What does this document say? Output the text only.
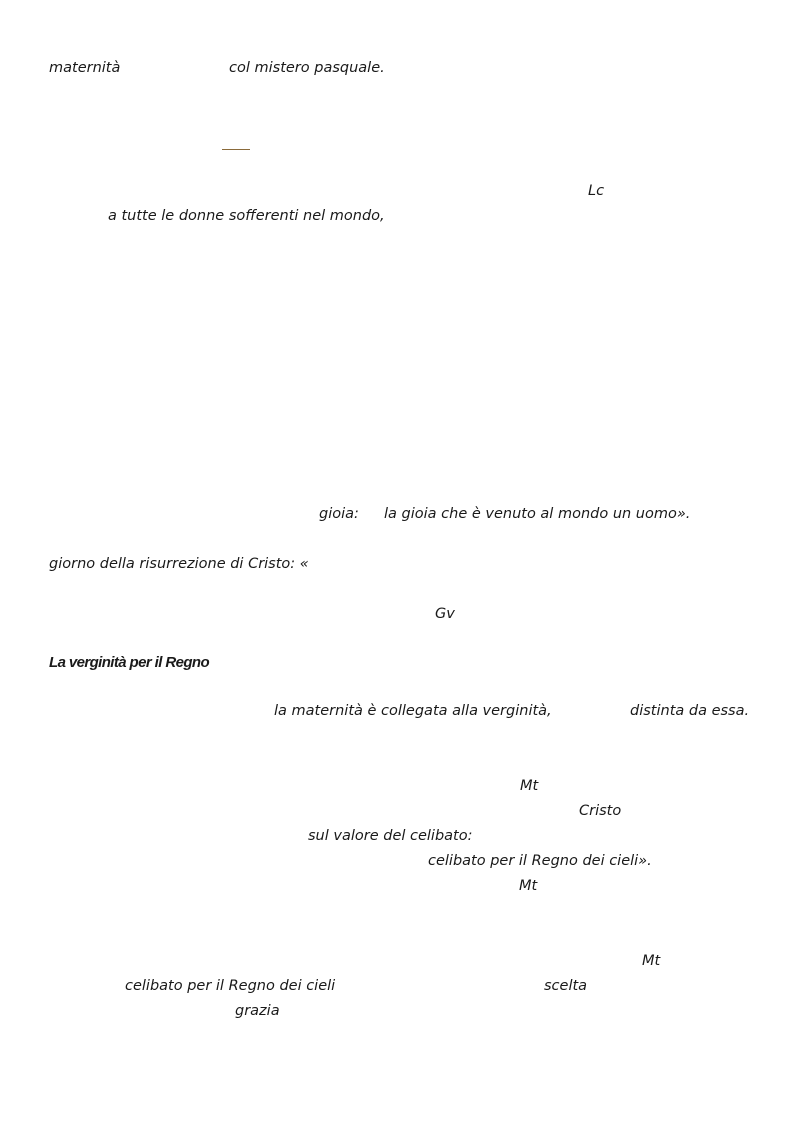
maternità	col mistero pasquale.
Lc
a tutte le donne sofferenti nel mondo,
gioia: la gioia che è venuto al mondo un uomo».
giorno della risurrezione di Cristo: «
Gv
La verginità per il Regno
la maternità è collegata alla verginità,	distinta da essa.
Mt
Cristo
sul valore del celibato:
celibato per il Regno dei cieli».
Mt
Mt
celibato per il Regno dei cieli	scelta
grazia
